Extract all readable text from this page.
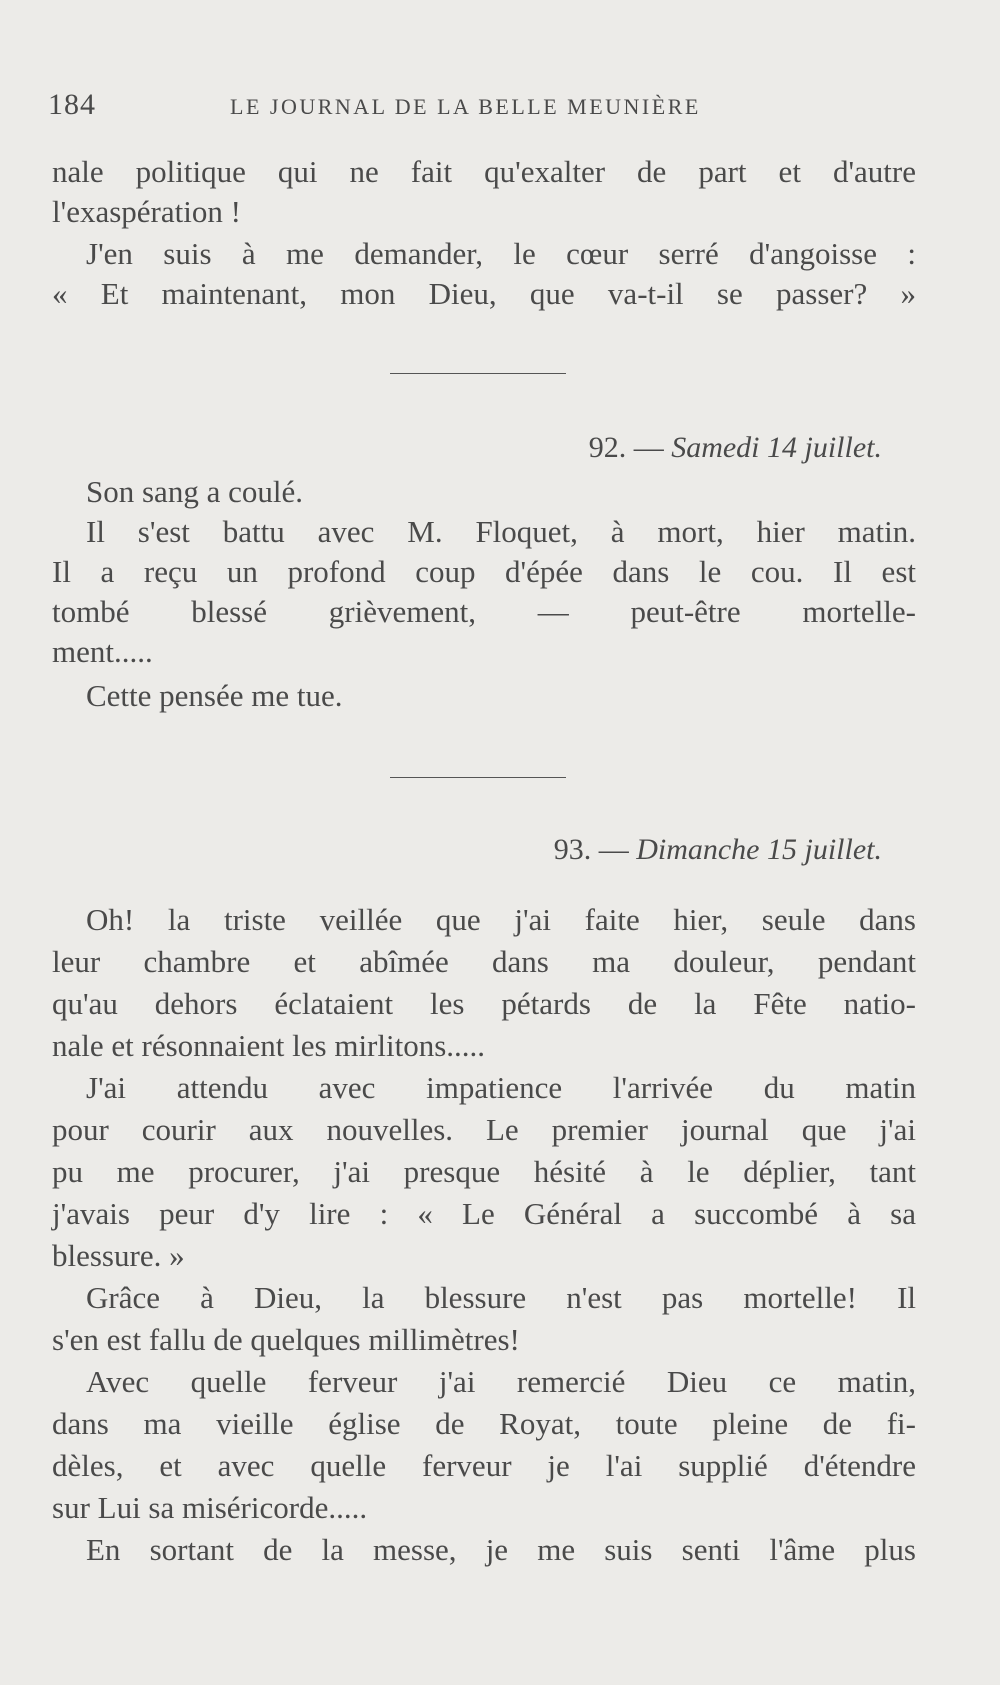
184	LE JOURNAL DE LA BELLE MEUNIÈRE
nale politique qui ne fait qu'exalter de part et d'autre
l'exaspération !
J'en suis à me demander, le cœur serré d'angoisse :
« Et maintenant, mon Dieu, que va-t-il se passer? »
92. — Samedi 14 juillet.
Son sang a coulé.
Il s'est battu avec M. Floquet, à mort, hier matin.
Il a reçu un profond coup d'épée dans le cou. Il est
tombé blessé grièvement, — peut-être mortelle-
ment.....
Cette pensée me tue.
93. — Dimanche 15 juillet.
Oh! la triste veillée que j'ai faite hier, seule dans
leur chambre et abîmée dans ma douleur, pendant
qu'au dehors éclataient les pétards de la Fête natio-
nale et résonnaient les mirlitons.....
J'ai attendu avec impatience l'arrivée du matin
pour courir aux nouvelles. Le premier journal que j'ai
pu me procurer, j'ai presque hésité à le déplier, tant
j'avais peur d'y lire : « Le Général a succombé à sa
blessure. »
Grâce à Dieu, la blessure n'est pas mortelle! Il
s'en est fallu de quelques millimètres!
Avec quelle ferveur j'ai remercié Dieu ce matin,
dans ma vieille église de Royat, toute pleine de fi-
dèles, et avec quelle ferveur je l'ai supplié d'étendre
sur Lui sa miséricorde.....
En sortant de la messe, je me suis senti l'âme plus
